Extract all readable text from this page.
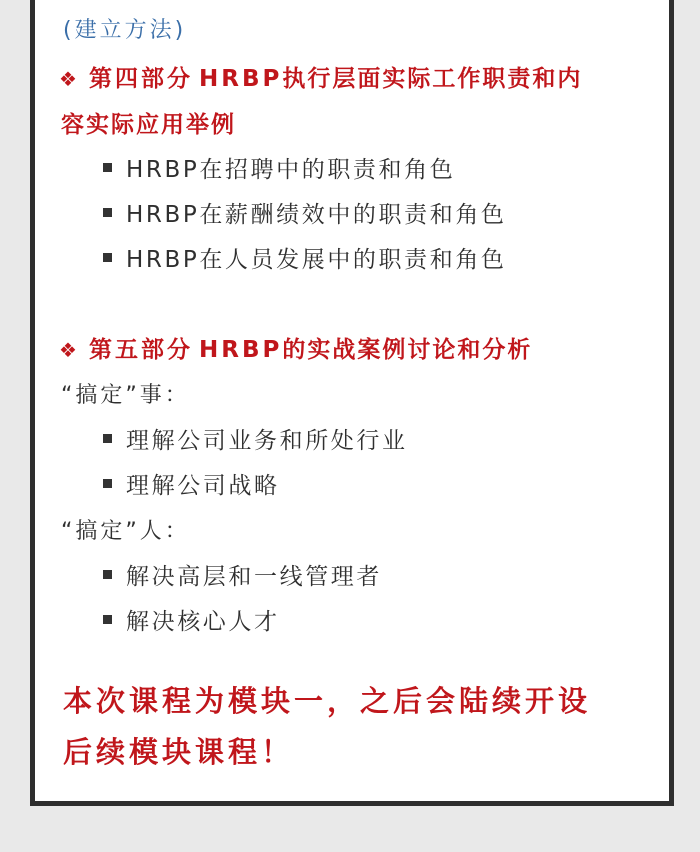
(建立方法)

❖ 第四部分 HRBP执行层面实际工作职责和内
容实际应用举例
HRBP在招聘中的职责和角色
HRBP在薪酬绩效中的职责和角色
HRBP在人员发展中的职责和角色
❖ 第五部分 HRBP的实战案例讨论和分析
“搞定”事：
理解公司业务和所处行业
理解公司战略
“搞定”人：
解决高层和一线管理者
解决核心人才
本次课程为模块一，之后会陆续开设
后续模块课程！
